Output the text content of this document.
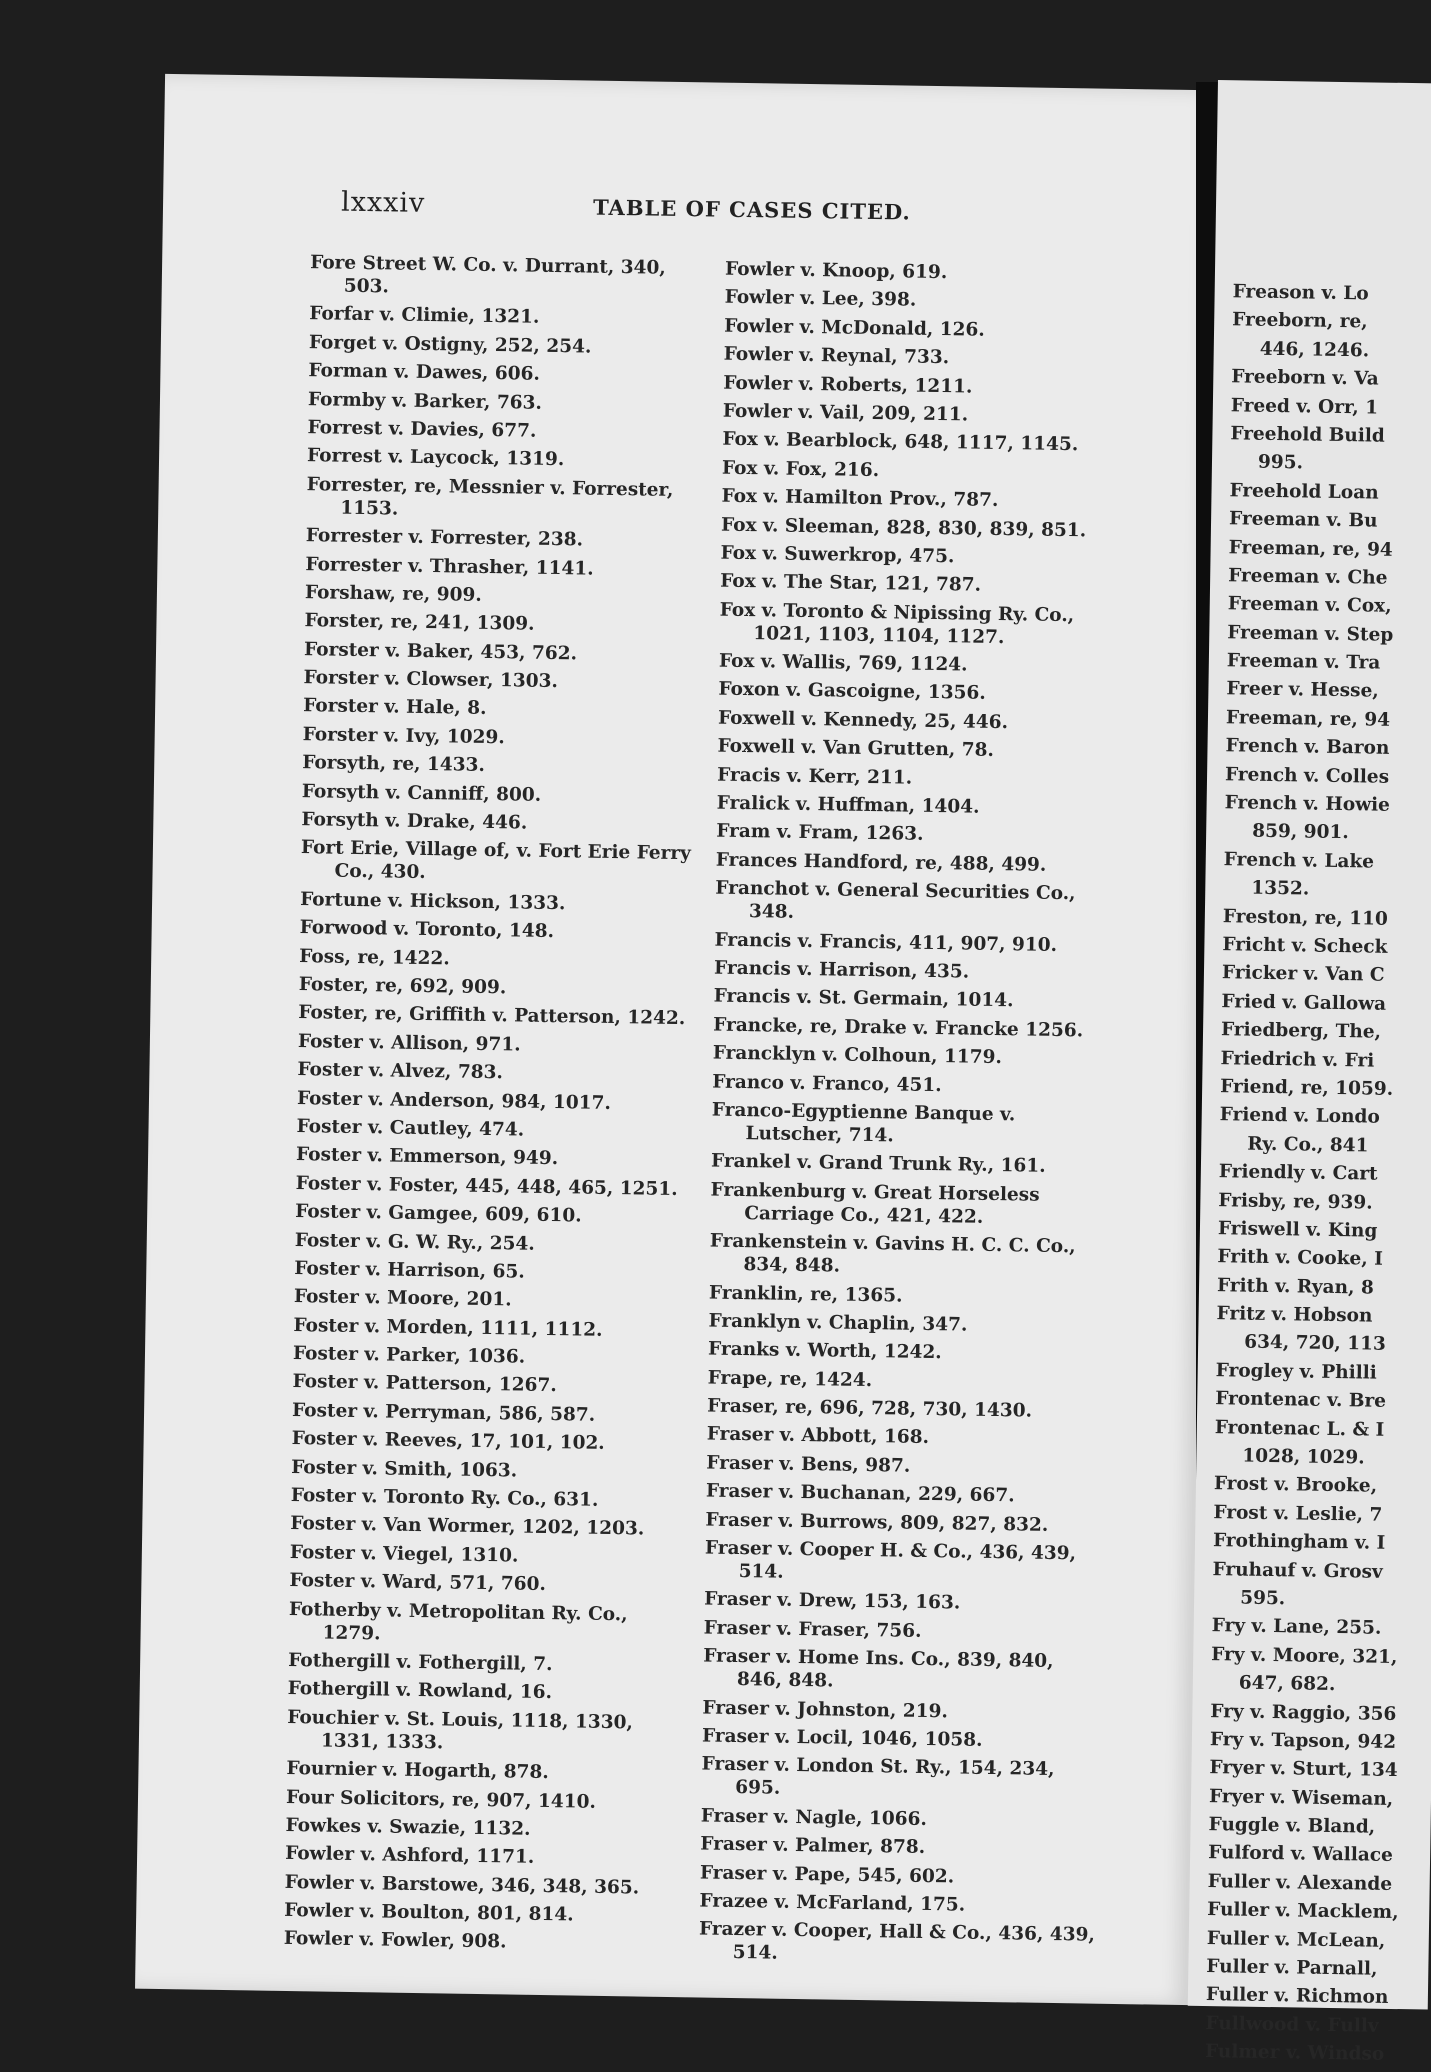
lxxxiv	TABLE OF CASES CITED.
Fore Street W. Co. v. Durrant, 340, 503.
Forfar v. Climie, 1321.
Forget v. Ostigny, 252, 254.
Forman v. Dawes, 606.
Formby v. Barker, 763.
Forrest v. Davies, 677.
Forrest v. Laycock, 1319.
Forrester, re, Messnier v. Forrester, 1153.
Forrester v. Forrester, 238.
Forrester v. Thrasher, 1141.
Forshaw, re, 909.
Forster, re, 241, 1309.
Forster v. Baker, 453, 762.
Forster v. Clowser, 1303.
Forster v. Hale, 8.
Forster v. Ivy, 1029.
Forsyth, re, 1433.
Forsyth v. Canniff, 800.
Forsyth v. Drake, 446.
Fort Erie, Village of, v. Fort Erie Ferry Co., 430.
Fortune v. Hickson, 1333.
Forwood v. Toronto, 148.
Foss, re, 1422.
Foster, re, 692, 909.
Foster, re, Griffith v. Patterson, 1242.
Foster v. Allison, 971.
Foster v. Alvez, 783.
Foster v. Anderson, 984, 1017.
Foster v. Cautley, 474.
Foster v. Emmerson, 949.
Foster v. Foster, 445, 448, 465, 1251.
Foster v. Gamgee, 609, 610.
Foster v. G. W. Ry., 254.
Foster v. Harrison, 65.
Foster v. Moore, 201.
Foster v. Morden, 1111, 1112.
Foster v. Parker, 1036.
Foster v. Patterson, 1267.
Foster v. Perryman, 586, 587.
Foster v. Reeves, 17, 101, 102.
Foster v. Smith, 1063.
Foster v. Toronto Ry. Co., 631.
Foster v. Van Wormer, 1202, 1203.
Foster v. Viegel, 1310.
Foster v. Ward, 571, 760.
Fotherby v. Metropolitan Ry. Co., 1279.
Fothergill v. Fothergill, 7.
Fothergill v. Rowland, 16.
Fouchier v. St. Louis, 1118, 1330, 1331, 1333.
Fournier v. Hogarth, 878.
Four Solicitors, re, 907, 1410.
Fowkes v. Swazie, 1132.
Fowler v. Ashford, 1171.
Fowler v. Barstowe, 346, 348, 365.
Fowler v. Boulton, 801, 814.
Fowler v. Fowler, 908.
Fowler v. Knoop, 619.
Fowler v. Lee, 398.
Fowler v. McDonald, 126.
Fowler v. Reynal, 733.
Fowler v. Roberts, 1211.
Fowler v. Vail, 209, 211.
Fox v. Bearblock, 648, 1117, 1145.
Fox v. Fox, 216.
Fox v. Hamilton Prov., 787.
Fox v. Sleeman, 828, 830, 839, 851.
Fox v. Suwerkrop, 475.
Fox v. The Star, 121, 787.
Fox v. Toronto & Nipissing Ry. Co., 1021, 1103, 1104, 1127.
Fox v. Wallis, 769, 1124.
Foxon v. Gascoigne, 1356.
Foxwell v. Kennedy, 25, 446.
Foxwell v. Van Grutten, 78.
Fracis v. Kerr, 211.
Fralick v. Huffman, 1404.
Fram v. Fram, 1263.
Frances Handford, re, 488, 499.
Franchot v. General Securities Co., 348.
Francis v. Francis, 411, 907, 910.
Francis v. Harrison, 435.
Francis v. St. Germain, 1014.
Francke, re, Drake v. Francke 1256.
Francklyn v. Colhoun, 1179.
Franco v. Franco, 451.
Franco-Egyptienne Banque v. Lutscher, 714.
Frankel v. Grand Trunk Ry., 161.
Frankenburg v. Great Horseless Carriage Co., 421, 422.
Frankenstein v. Gavins H. C. C. Co., 834, 848.
Franklin, re, 1365.
Franklyn v. Chaplin, 347.
Franks v. Worth, 1242.
Frape, re, 1424.
Fraser, re, 696, 728, 730, 1430.
Fraser v. Abbott, 168.
Fraser v. Bens, 987.
Fraser v. Buchanan, 229, 667.
Fraser v. Burrows, 809, 827, 832.
Fraser v. Cooper H. & Co., 436, 439, 514.
Fraser v. Drew, 153, 163.
Fraser v. Fraser, 756.
Fraser v. Home Ins. Co., 839, 840, 846, 848.
Fraser v. Johnston, 219.
Fraser v. Locil, 1046, 1058.
Fraser v. London St. Ry., 154, 234, 695.
Fraser v. Nagle, 1066.
Fraser v. Palmer, 878.
Fraser v. Pape, 545, 602.
Frazee v. McFarland, 175.
Frazer v. Cooper, Hall & Co., 436, 439, 514.
Freason v. Lo
Freeborn, re,
446, 1246.
Freeborn v. Va
Freed v. Orr, 1
Freehold Build
995.
Freehold Loan
Freeman v. Bu
Freeman, re, 94
Freeman v. Che
Freeman v. Cox,
Freeman v. Step
Freeman v. Tra
Freer v. Hesse,
Freeman, re, 94
French v. Baron
French v. Colles
French v. Howie
859, 901.
French v. Lake
1352.
Freston, re, 110
Fricht v. Scheck
Fricker v. Van C
Fried v. Gallowa
Friedberg, The,
Friedrich v. Fri
Friend, re, 1059.
Friend v. Londo
Ry. Co., 841
Friendly v. Cart
Frisby, re, 939.
Friswell v. King
Frith v. Cooke, I
Frith v. Ryan, 8
Fritz v. Hobson
634, 720, 113
Frogley v. Philli
Frontenac v. Bre
Frontenac L. & I
1028, 1029.
Frost v. Brooke,
Frost v. Leslie, 7
Frothingham v. I
Fruhauf v. Grosv
595.
Fry v. Lane, 255.
Fry v. Moore, 321,
647, 682.
Fry v. Raggio, 356
Fry v. Tapson, 942
Fryer v. Sturt, 134
Fryer v. Wiseman,
Fuggle v. Bland,
Fulford v. Wallace
Fuller v. Alexande
Fuller v. Macklem,
Fuller v. McLean,
Fuller v. Parnall,
Fuller v. Richmon
Fullwood v. Fullv
Fulmer v. Windso
